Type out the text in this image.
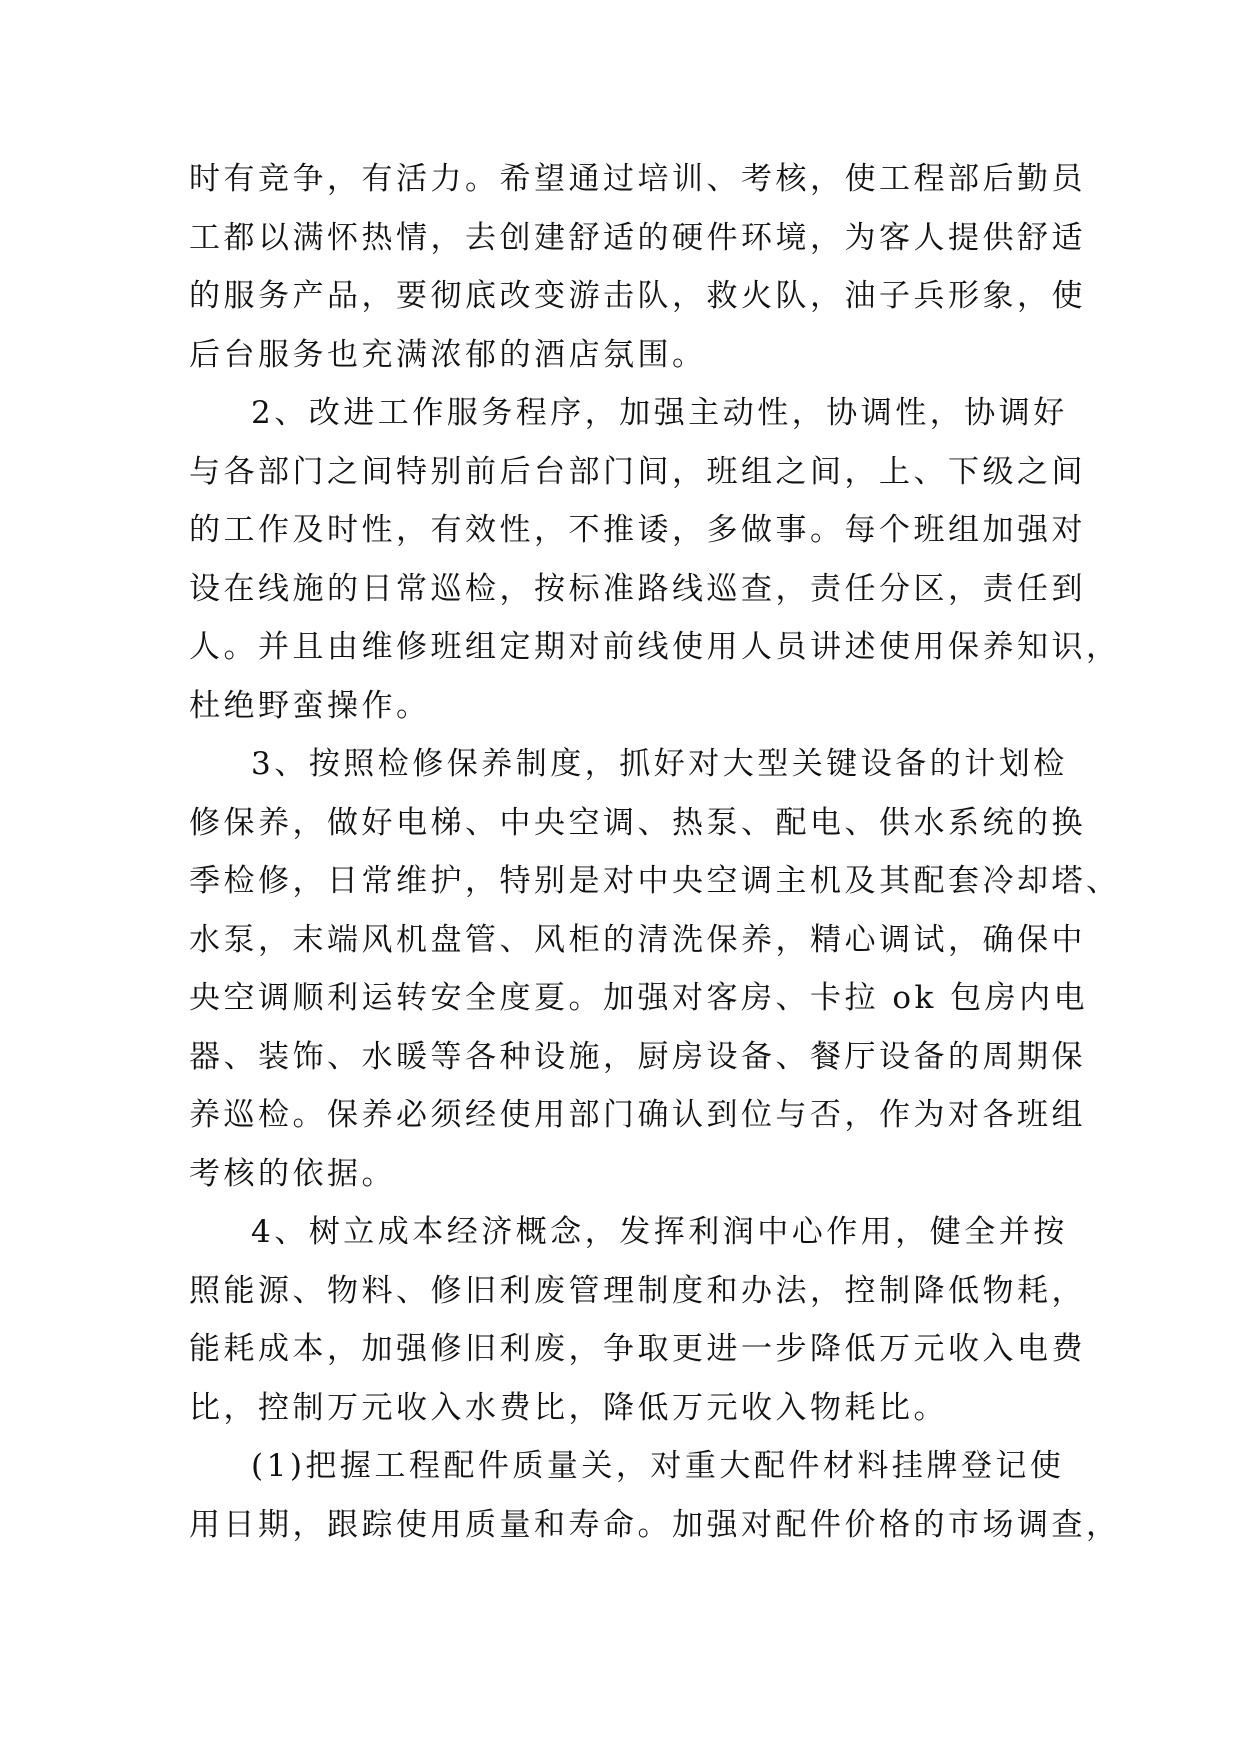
时有竞争，有活力。希望通过培训、考核，使工程部后勤员
工都以满怀热情，去创建舒适的硬件环境，为客人提供舒适
的服务产品，要彻底改变游击队，救火队，油子兵形象，使
后台服务也充满浓郁的酒店氛围。
2、改进工作服务程序，加强主动性，协调性，协调好
与各部门之间特别前后台部门间，班组之间，上、下级之间
的工作及时性，有效性，不推诿，多做事。每个班组加强对
设在线施的日常巡检，按标准路线巡查，责任分区，责任到
人。并且由维修班组定期对前线使用人员讲述使用保养知识，
杜绝野蛮操作。
3、按照检修保养制度，抓好对大型关键设备的计划检
修保养，做好电梯、中央空调、热泵、配电、供水系统的换
季检修，日常维护，特别是对中央空调主机及其配套冷却塔、
水泵，末端风机盘管、风柜的清洗保养，精心调试，确保中
央空调顺利运转安全度夏。加强对客房、卡拉 ok 包房内电
器、装饰、水暖等各种设施，厨房设备、餐厅设备的周期保
养巡检。保养必须经使用部门确认到位与否，作为对各班组
考核的依据。
4、树立成本经济概念，发挥利润中心作用，健全并按
照能源、物料、修旧利废管理制度和办法，控制降低物耗，
能耗成本，加强修旧利废，争取更进一步降低万元收入电费
比，控制万元收入水费比，降低万元收入物耗比。
(1)把握工程配件质量关，对重大配件材料挂牌登记使
用日期，跟踪使用质量和寿命。加强对配件价格的市场调查，
